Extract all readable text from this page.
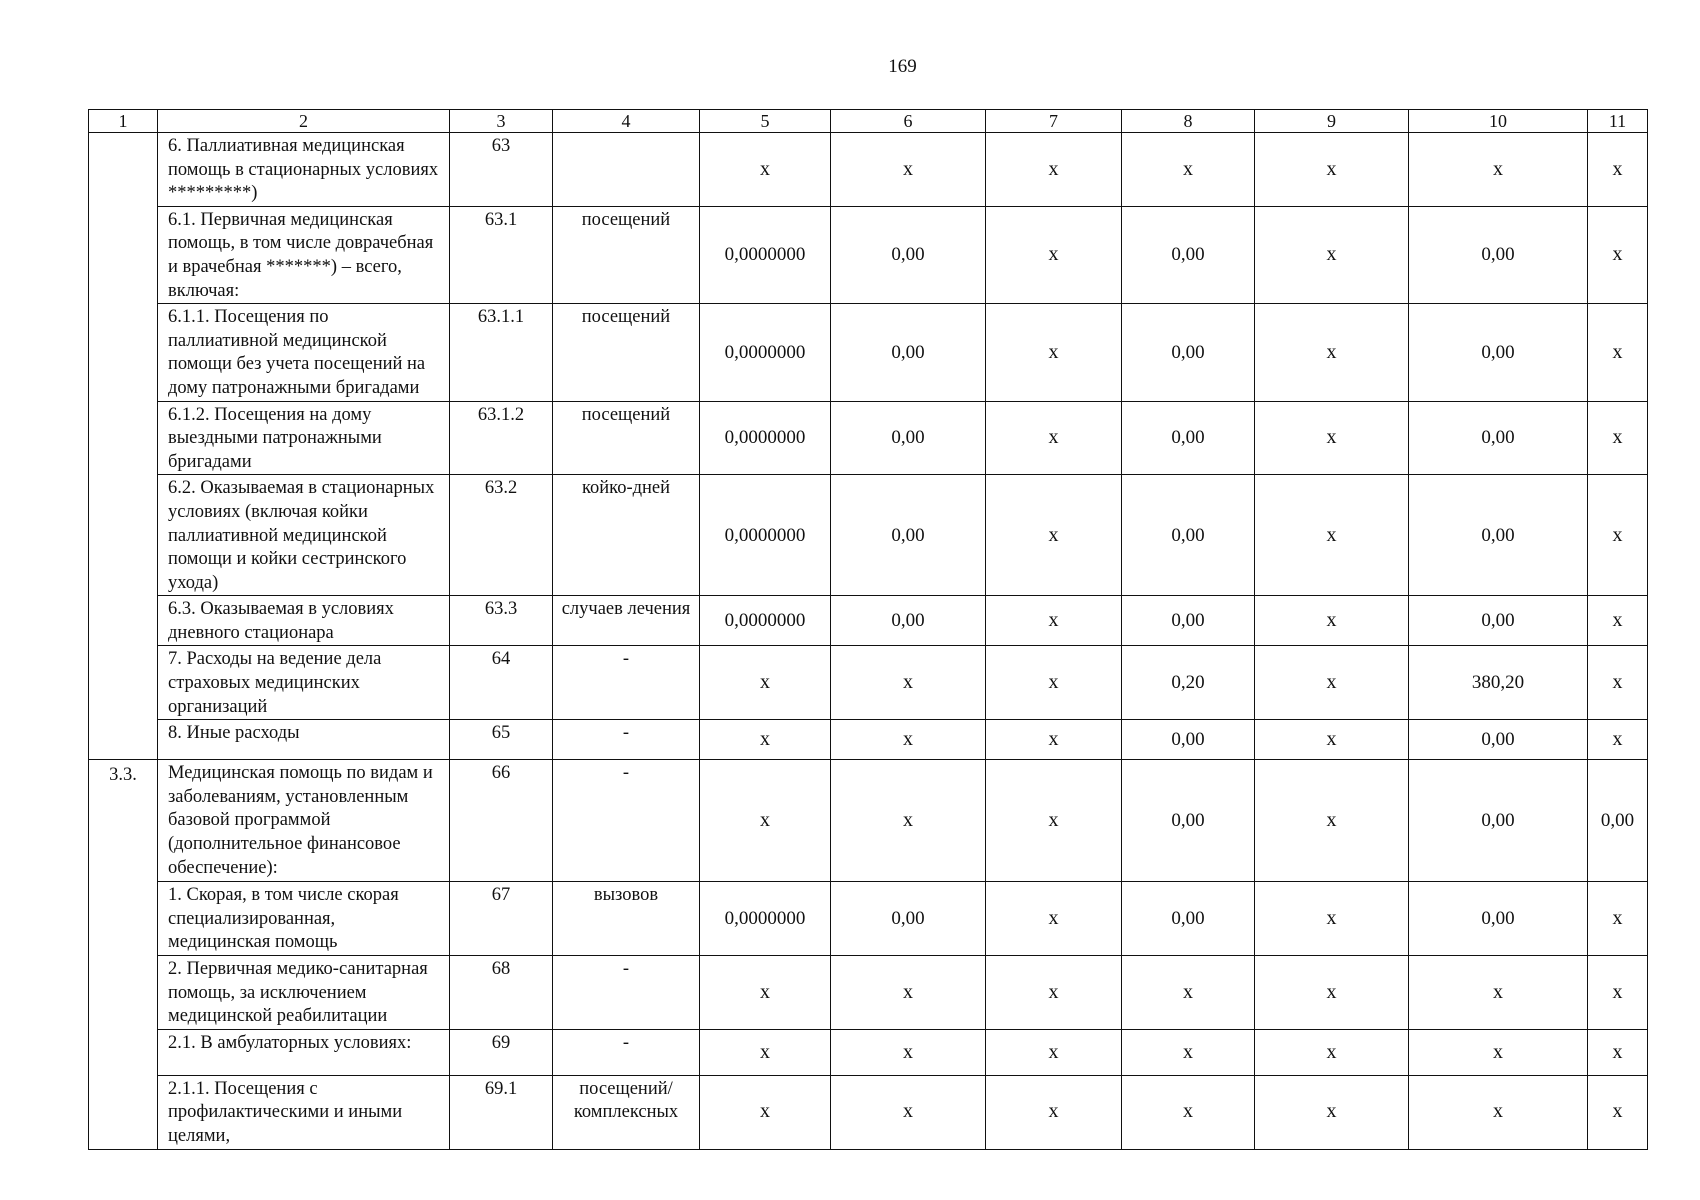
169
1	2	3	4	5	6	7	8	9	10	11
	6. Паллиативная медицинская помощь в стационарных условиях *********)	63		х	х	х	х	х	х	х
	6.1. Первичная медицинская помощь, в том числе доврачебная и врачебная *******) – всего, включая:	63.1	посещений	0,0000000	0,00	х	0,00	х	0,00	х
	6.1.1. Посещения по паллиативной медицинской помощи без учета посещений на дому патронажными бригадами	63.1.1	посещений	0,0000000	0,00	х	0,00	х	0,00	х
	6.1.2. Посещения на дому выездными патронажными бригадами	63.1.2	посещений	0,0000000	0,00	х	0,00	х	0,00	х
	6.2. Оказываемая в стационарных условиях (включая койки паллиативной медицинской помощи и койки сестринского ухода)	63.2	койко-дней	0,0000000	0,00	х	0,00	х	0,00	х
	6.3. Оказываемая в условиях дневного стационара	63.3	случаев лечения	0,0000000	0,00	х	0,00	х	0,00	х
	7. Расходы на ведение дела страховых медицинских организаций	64	-	х	х	х	0,20	х	380,20	х
	8. Иные расходы	65	-	х	х	х	0,00	х	0,00	х
3.3.	Медицинская помощь по видам и заболеваниям, установленным базовой программой (дополнительное финансовое обеспечение):	66	-	х	х	х	0,00	х	0,00	0,00
	1. Скорая, в том числе скорая специализированная, медицинская помощь	67	вызовов	0,0000000	0,00	х	0,00	х	0,00	х
	2. Первичная медико-санитарная помощь, за исключением медицинской реабилитации	68	-	х	х	х	х	х	х	х
	2.1. В амбулаторных условиях:	69	-	х	х	х	х	х	х	х
	2.1.1. Посещения с профилактическими и иными целями,	69.1	посещений/ комплексных	х	х	х	х	х	х	х
